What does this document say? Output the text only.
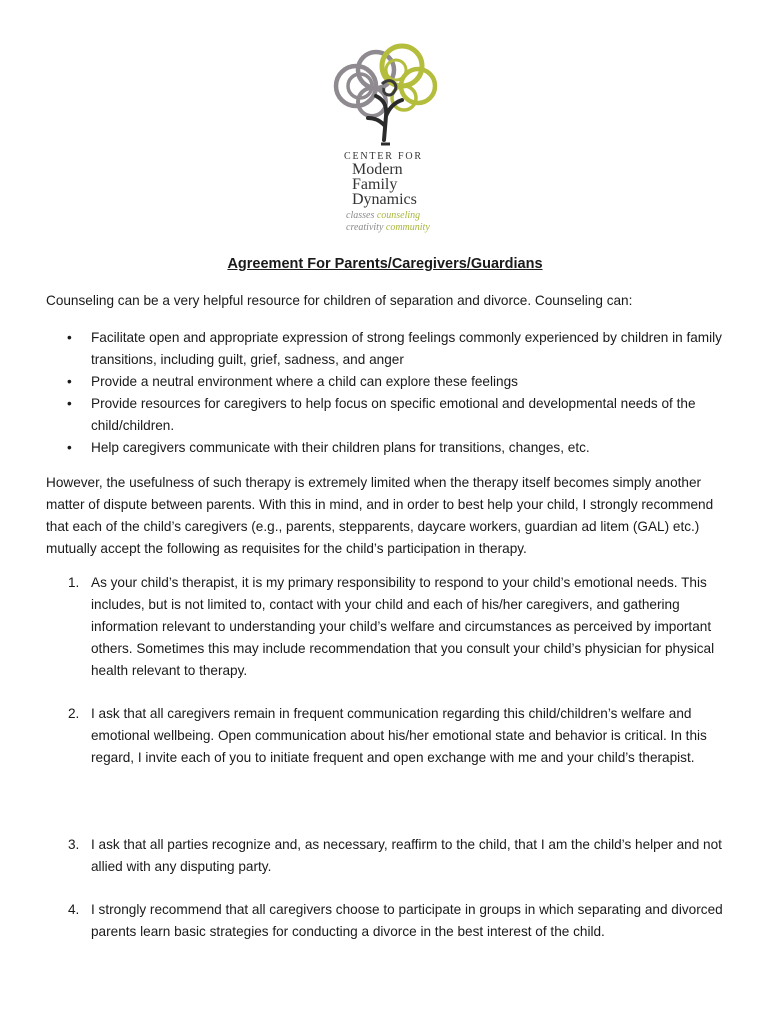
CENTER FOR
Modern
Family
Dynamics
classes counseling
creativity community
Agreement For Parents/Caregivers/Guardians

Counseling can be a very helpful resource for children of separation and divorce. Counseling can:

• Facilitate open and appropriate expression of strong feelings commonly experienced by children in family transitions, including guilt, grief, sadness, and anger
• Provide a neutral environment where a child can explore these feelings
• Provide resources for caregivers to help focus on specific emotional and developmental needs of the child/children.
• Help caregivers communicate with their children plans for transitions, changes, etc.

However, the usefulness of such therapy is extremely limited when the therapy itself becomes simply another matter of dispute between parents. With this in mind, and in order to best help your child, I strongly recommend that each of the child’s caregivers (e.g., parents, stepparents, daycare workers, guardian ad litem (GAL) etc.) mutually accept the following as requisites for the child’s participation in therapy.

1. As your child’s therapist, it is my primary responsibility to respond to your child’s emotional needs. This includes, but is not limited to, contact with your child and each of his/her caregivers, and gathering information relevant to understanding your child’s welfare and circumstances as perceived by important others. Sometimes this may include recommendation that you consult your child’s physician for physical health relevant to therapy.
2. I ask that all caregivers remain in frequent communication regarding this child/children’s welfare and emotional wellbeing. Open communication about his/her emotional state and behavior is critical. In this regard, I invite each of you to initiate frequent and open exchange with me and your child’s therapist.
3. I ask that all parties recognize and, as necessary, reaffirm to the child, that I am the child’s helper and not allied with any disputing party.
4. I strongly recommend that all caregivers choose to participate in groups in which separating and divorced parents learn basic strategies for conducting a divorce in the best interest of the child.
